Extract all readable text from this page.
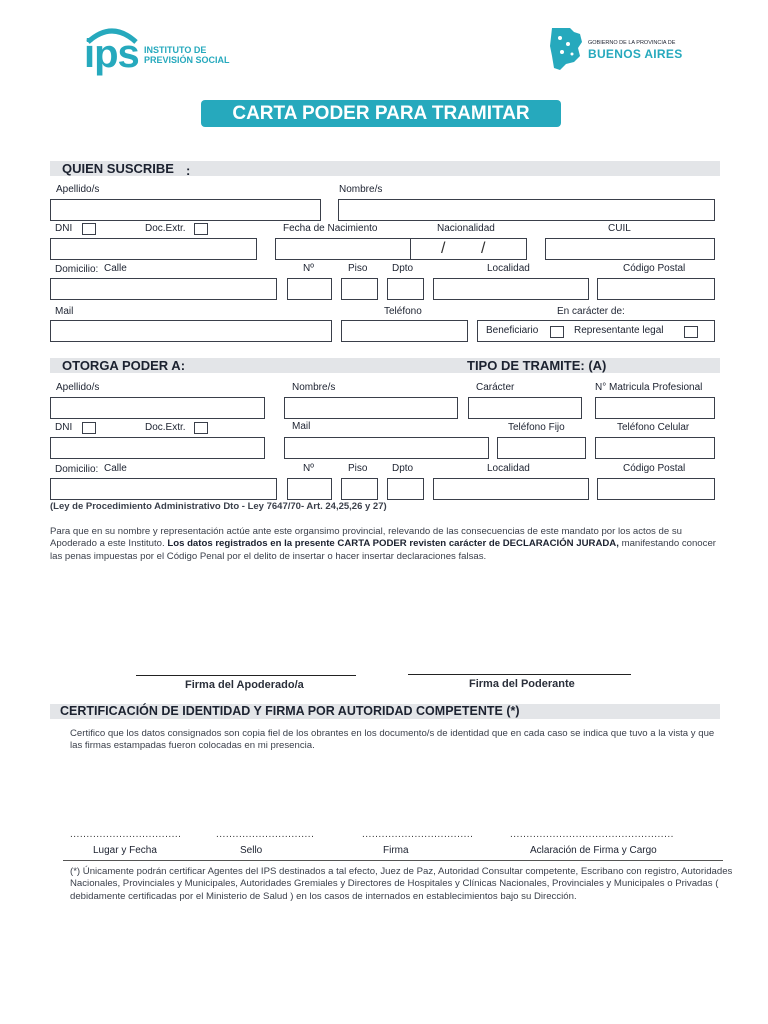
ips INSTITUTO DE
PREVISIÓN SOCIAL
GOBIERNO DE LA PROVINCIA DE
BUENOS AIRES
CARTA PODER PARA TRAMITAR
QUIEN SUSCRIBE :
Apellido/s	Nombre/s
DNI	Doc.Extr.	Fecha de Nacimiento	Nacionalidad	CUIL
/        /
Domicilio: Calle	Nº	Piso Dpto	Localidad	Código Postal
Mail	Teléfono	En carácter de:
Beneficiario	Representante legal
OTORGA PODER A:	TIPO DE TRAMITE: (A)
Apellido/s	Nombre/s	Carácter	N° Matricula Profesional
DNI	Doc.Extr.	Mail	Teléfono Fijo	Teléfono Celular
Domicilio: Calle	Nº	Piso Dpto	Localidad	Código Postal
(Ley de Procedimiento Administrativo Dto - Ley 7647/70- Art. 24,25,26 y 27)
Para que en su nombre y representación actúe ante este organsimo provincial, relevando de las consecuencias de este mandato por los actos de su Apoderado a este Instituto. Los datos registrados en la presente CARTA PODER revisten carácter de DECLARACIÓN JURADA, manifestando conocer las penas impuestas por el Código Penal por el delito de insertar o hacer insertar declaraciones falsas.
Firma del Apoderado/a	Firma del Poderante
CERTIFICACIÓN DE IDENTIDAD Y FIRMA POR AUTORIDAD COMPETENTE (*)
Certifico que los datos consignados son copia fiel de los obrantes en los documento/s de identidad que en cada caso se indica que tuvo a la vista y que las firmas estampadas fueron colocadas en mi presencia.
..................................	..............................	..................................	..................................................
Lugar y Fecha	Sello	Firma	Aclaración de Firma y Cargo
(*) Únicamente podrán certificar Agentes del IPS destinados a tal efecto, Juez de Paz, Autoridad Consultar competente, Escribano con registro, Autoridades Nacionales, Provinciales y Municipales, Autoridades Gremiales y Directores de Hospitales y Clínicas Nacionales, Provinciales y Municipales o Privadas ( debidamente certificadas por el Ministerio de Salud ) en los casos de internados en establecimientos bajo su Dirección.
